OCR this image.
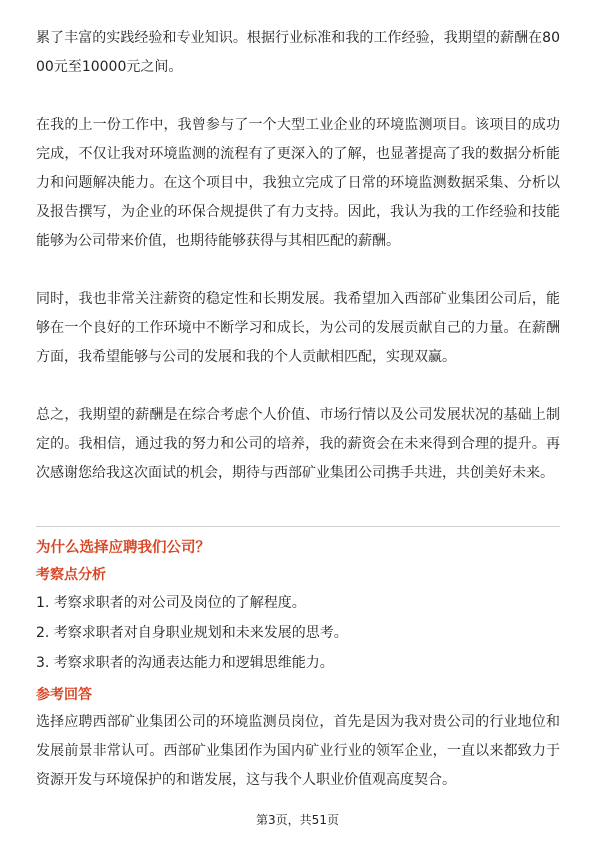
累了丰富的实践经验和专业知识。根据行业标准和我的工作经验，我期望的薪酬在8000元至10000元之间。

在我的上一份工作中，我曾参与了一个大型工业企业的环境监测项目。该项目的成功完成，不仅让我对环境监测的流程有了更深入的了解，也显著提高了我的数据分析能力和问题解决能力。在这个项目中，我独立完成了日常的环境监测数据采集、分析以及报告撰写，为企业的环保合规提供了有力支持。因此，我认为我的工作经验和技能能够为公司带来价值，也期待能够获得与其相匹配的薪酬。

同时，我也非常关注薪资的稳定性和长期发展。我希望加入西部矿业集团公司后，能够在一个良好的工作环境中不断学习和成长，为公司的发展贡献自己的力量。在薪酬方面，我希望能够与公司的发展和我的个人贡献相匹配，实现双赢。

总之，我期望的薪酬是在综合考虑个人价值、市场行情以及公司发展状况的基础上制定的。我相信，通过我的努力和公司的培养，我的薪资会在未来得到合理的提升。再次感谢您给我这次面试的机会，期待与西部矿业集团公司携手共进，共创美好未来。

为什么选择应聘我们公司？

考察点分析

1. 考察求职者的对公司及岗位的了解程度。

2. 考察求职者对自身职业规划和未来发展的思考。

3. 考察求职者的沟通表达能力和逻辑思维能力。

参考回答

选择应聘西部矿业集团公司的环境监测员岗位，首先是因为我对贵公司的行业地位和发展前景非常认可。西部矿业集团作为国内矿业行业的领军企业，一直以来都致力于资源开发与环境保护的和谐发展，这与我个人职业价值观高度契合。

第3页，共51页
